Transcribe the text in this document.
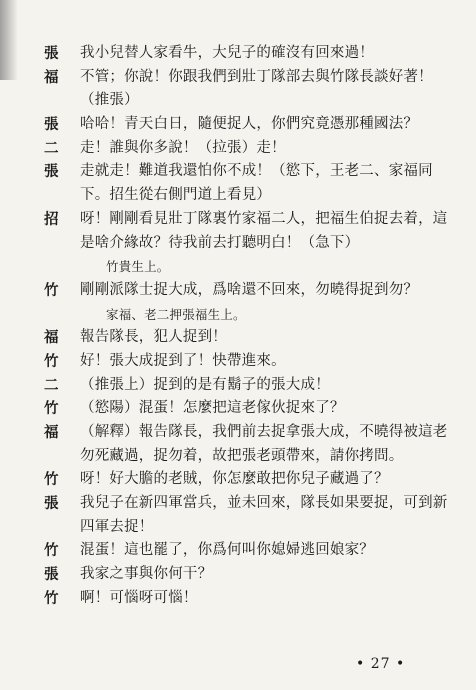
張	我小兒替人家看牛，大兒子的確沒有回來過！
福	不管；你說！你跟我們到壯丁隊部去與竹隊長談好著！
（推張）
張	哈哈！青天白日，隨便捉人，你們究竟憑那種國法？
二	走！誰與你多說！（拉張）走！
張	走就走！難道我還怕你不成！（慾下，王老二、家福同
下。招生從右側門道上看見）
招	呀！剛剛看見壯丁隊裏竹家福二人，把福生伯捉去着，這
是啥介緣故？待我前去打聽明白！（急下）
竹貴生上。
竹	剛剛派隊士捉大成，爲啥還不回來，勿曉得捉到勿？
家福、老二押張福生上。
福	報告隊長，犯人捉到！
竹	好！張大成捉到了！快帶進來。
二	（推張上）捉到的是有鬍子的張大成！
竹	（慾陽）混蛋！怎麼把這老傢伙捉來了？
福	（解釋）報告隊長，我們前去捉拿張大成，不曉得被這老
勿死藏過，捉勿着，故把張老頭帶來，請你拷問。
竹	呀！好大膽的老賊，你怎麼敢把你兒子藏過了？
張	我兒子在新四軍當兵，並未回來，隊長如果要捉，可到新
四軍去捉！
竹	混蛋！這也罷了，你爲何叫你媳婦逃回娘家？
張	我家之事與你何干？
竹	啊！可惱呀可惱！
• 27 •
